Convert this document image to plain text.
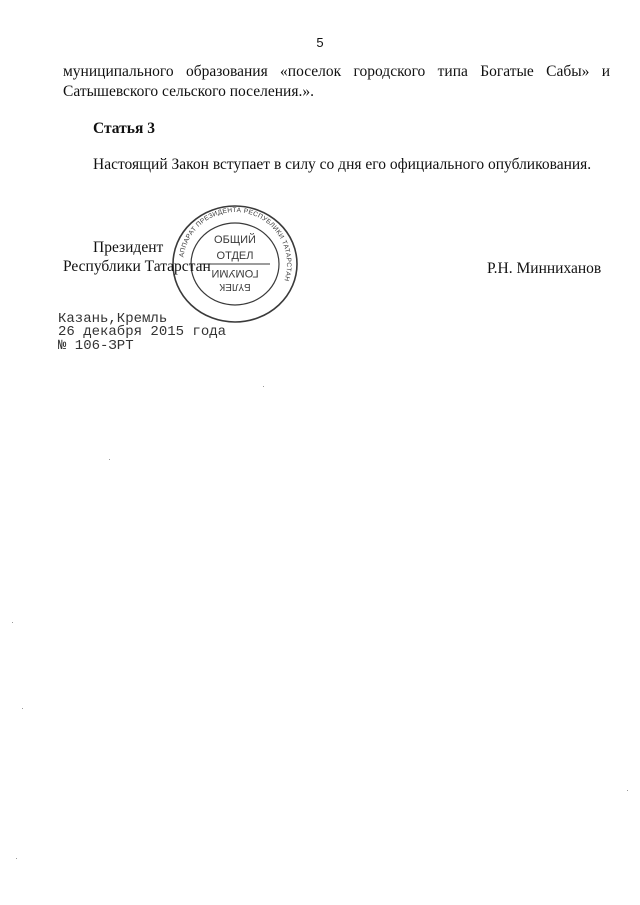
5
муниципального образования «поселок городского типа Богатые Сабы» и
Сатышевского сельского поселения.».
Статья 3
Настоящий Закон вступает в силу со дня его официального опубликования.
Президент
Республики Татарстан	Р.Н. Минниханов
АППАРАТ ПРЕЗИДЕНТА РЕСПУБЛИКИ ТАТАРСТАН
ОБЩИЙ
ОТДЕЛ
БҮЛЕК
ГОМУМИ
Казань,Кремль
26 декабря 2015 года
№ 106-ЗРТ
